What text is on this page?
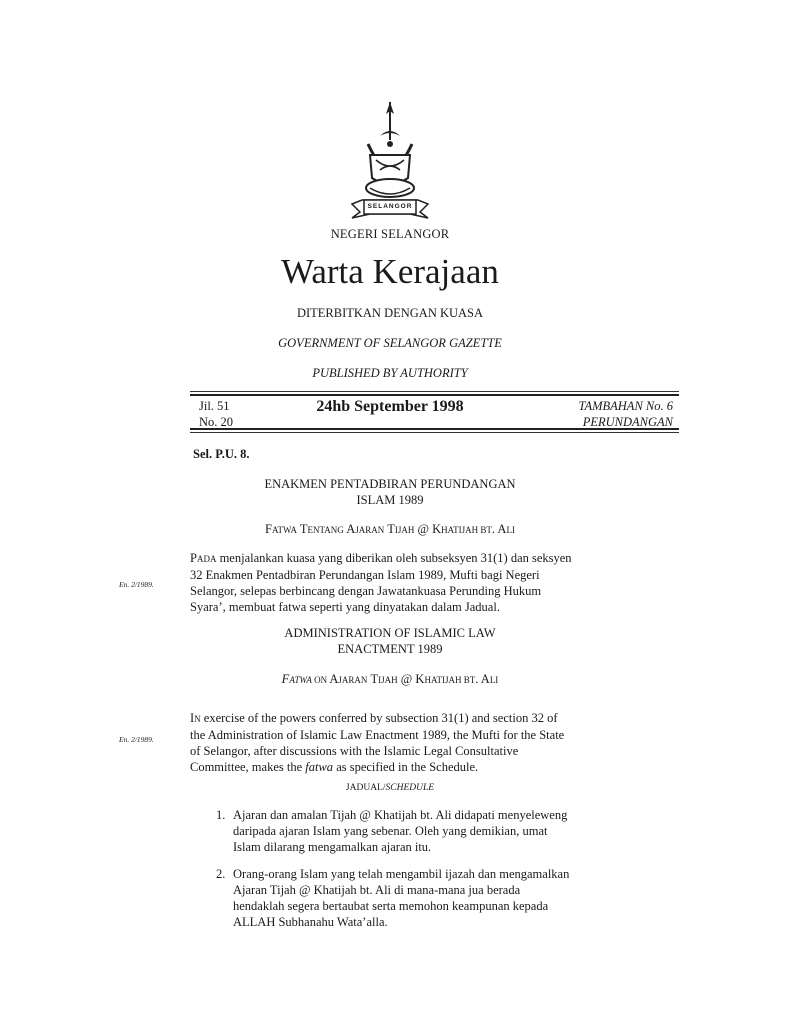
SELANGOR
NEGERI SELANGOR
Warta Kerajaan
DITERBITKAN DENGAN KUASA
GOVERNMENT OF SELANGOR GAZETTE
PUBLISHED BY AUTHORITY
Jil. 51
No. 20
24hb September 1998	TAMBAHAN No. 6
PERUNDANGAN
Sel. P.U. 8.
ENAKMEN PENTADBIRAN PERUNDANGAN
ISLAM 1989
FATWA TENTANG AJARAN TIJAH @ KHATIJAH BT. ALI
En. 2/1989.
PADA menjalankan kuasa yang diberikan oleh subseksyen 31(1) dan seksyen
32 Enakmen Pentadbiran Perundangan Islam 1989, Mufti bagi Negeri
Selangor, selepas berbincang dengan Jawatankuasa Perunding Hukum
Syara’, membuat fatwa seperti yang dinyatakan dalam Jadual.
ADMINISTRATION OF ISLAMIC LAW
ENACTMENT 1989
FATWA ON AJARAN TIJAH @ KHATIJAH BT. ALI
En. 2/1989.
IN exercise of the powers conferred by subsection 31(1) and section 32 of
the Administration of Islamic Law Enactment 1989, the Mufti for the State
of Selangor, after discussions with the Islamic Legal Consultative
Committee, makes the fatwa as specified in the Schedule.
JADUAL/SCHEDULE
1. Ajaran dan amalan Tijah @ Khatijah bt. Ali didapati menyeleweng
daripada ajaran Islam yang sebenar. Oleh yang demikian, umat
Islam dilarang mengamalkan ajaran itu.
2. Orang-orang Islam yang telah mengambil ijazah dan mengamalkan
Ajaran Tijah @ Khatijah bt. Ali di mana-mana jua berada
hendaklah segera bertaubat serta memohon keampunan kepada
ALLAH Subhanahu Wata’alla.
